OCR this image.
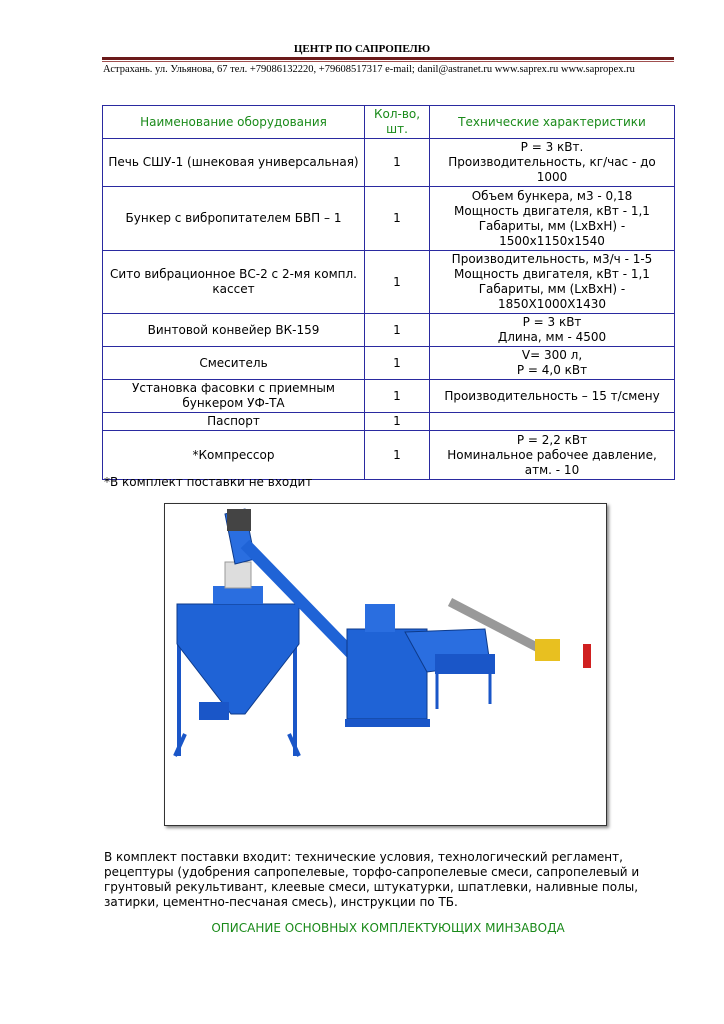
ЦЕНТР ПО САПРОПЕЛЮ
Астрахань. ул. Ульянова, 67 тел. +79086132220, +79608517317 e-mail; danil@astranet.ru www.saprex.ru www.sapropex.ru
Наименование оборудования	Кол-во, шт.	Технические характеристики
Печь СШУ-1 (шнековая универсальная)	1	Р = 3 кВт.
Производительность, кг/час - до 1000
Бункер с вибропитателем БВП – 1	1	Объем бункера, м3 - 0,18
Мощность двигателя, кВт - 1,1
Габариты, мм (LxBxH) - 1500x1150x1540
Сито вибрационное ВС-2 с 2-мя компл. кассет	1	Производительность, м3/ч - 1-5
Мощность двигателя, кВт - 1,1
Габариты, мм (LxBxH) - 1850X1000X1430
Винтовой конвейер ВК-159	1	Р = 3 кВт
Длина, мм - 4500
Смеситель	1	V= 300 л,
Р = 4,0 кВт
Установка фасовки с приемным бункером УФ-ТА	1	Производительность – 15 т/смену
Паспорт	1	
*Компрессор	1	Р = 2,2 кВт
Номинальное рабочее давление, атм. - 10
*В комплект поставки не входит
В комплект поставки входит: технические условия, технологический регламент, рецептуры (удобрения сапропелевые, торфо-сапропелевые смеси, сапропелевый и грунтовый рекультивант, клеевые смеси, штукатурки, шпатлевки, наливные полы, затирки, цементно-песчаная смесь), инструкции по ТБ.
ОПИСАНИЕ ОСНОВНЫХ КОМПЛЕКТУЮЩИХ МИНЗАВОДА
